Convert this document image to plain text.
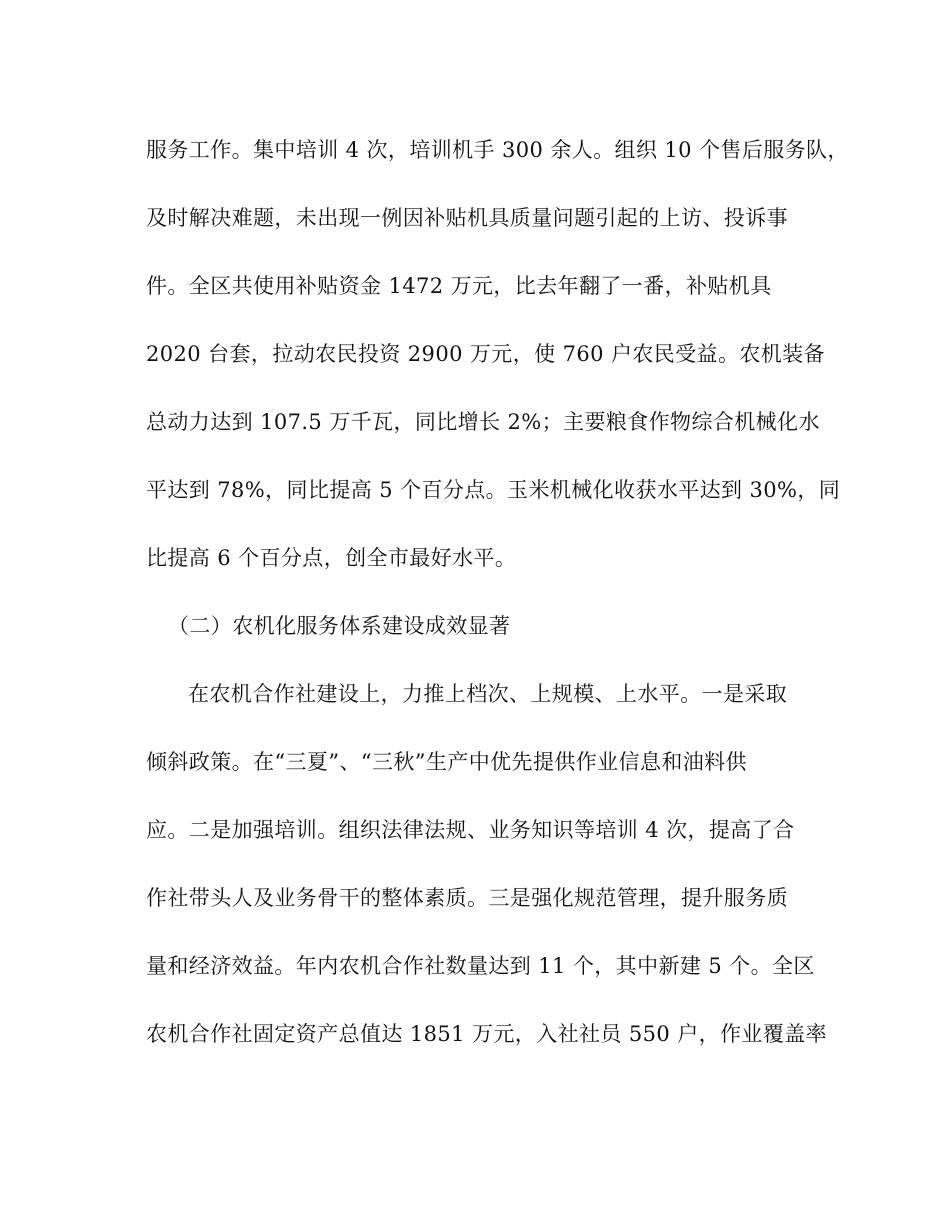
服务工作。集中培训 4 次，培训机手 300 余人。组织 10 个售后服务队，
及时解决难题，未出现一例因补贴机具质量问题引起的上访、投诉事
件。全区共使用补贴资金 1472 万元，比去年翻了一番，补贴机具
2020 台套，拉动农民投资 2900 万元，使 760 户农民受益。农机装备
总动力达到 107.5 万千瓦，同比增长 2%；主要粮食作物综合机械化水
平达到 78%，同比提高 5 个百分点。玉米机械化收获水平达到 30%，同
比提高 6 个百分点，创全市最好水平。
（二）农机化服务体系建设成效显著
在农机合作社建设上，力推上档次、上规模、上水平。一是采取
倾斜政策。在“三夏”、“三秋”生产中优先提供作业信息和油料供
应。二是加强培训。组织法律法规、业务知识等培训 4 次，提高了合
作社带头人及业务骨干的整体素质。三是强化规范管理，提升服务质
量和经济效益。年内农机合作社数量达到 11 个，其中新建 5 个。全区
农机合作社固定资产总值达 1851 万元，入社社员 550 户，作业覆盖率
